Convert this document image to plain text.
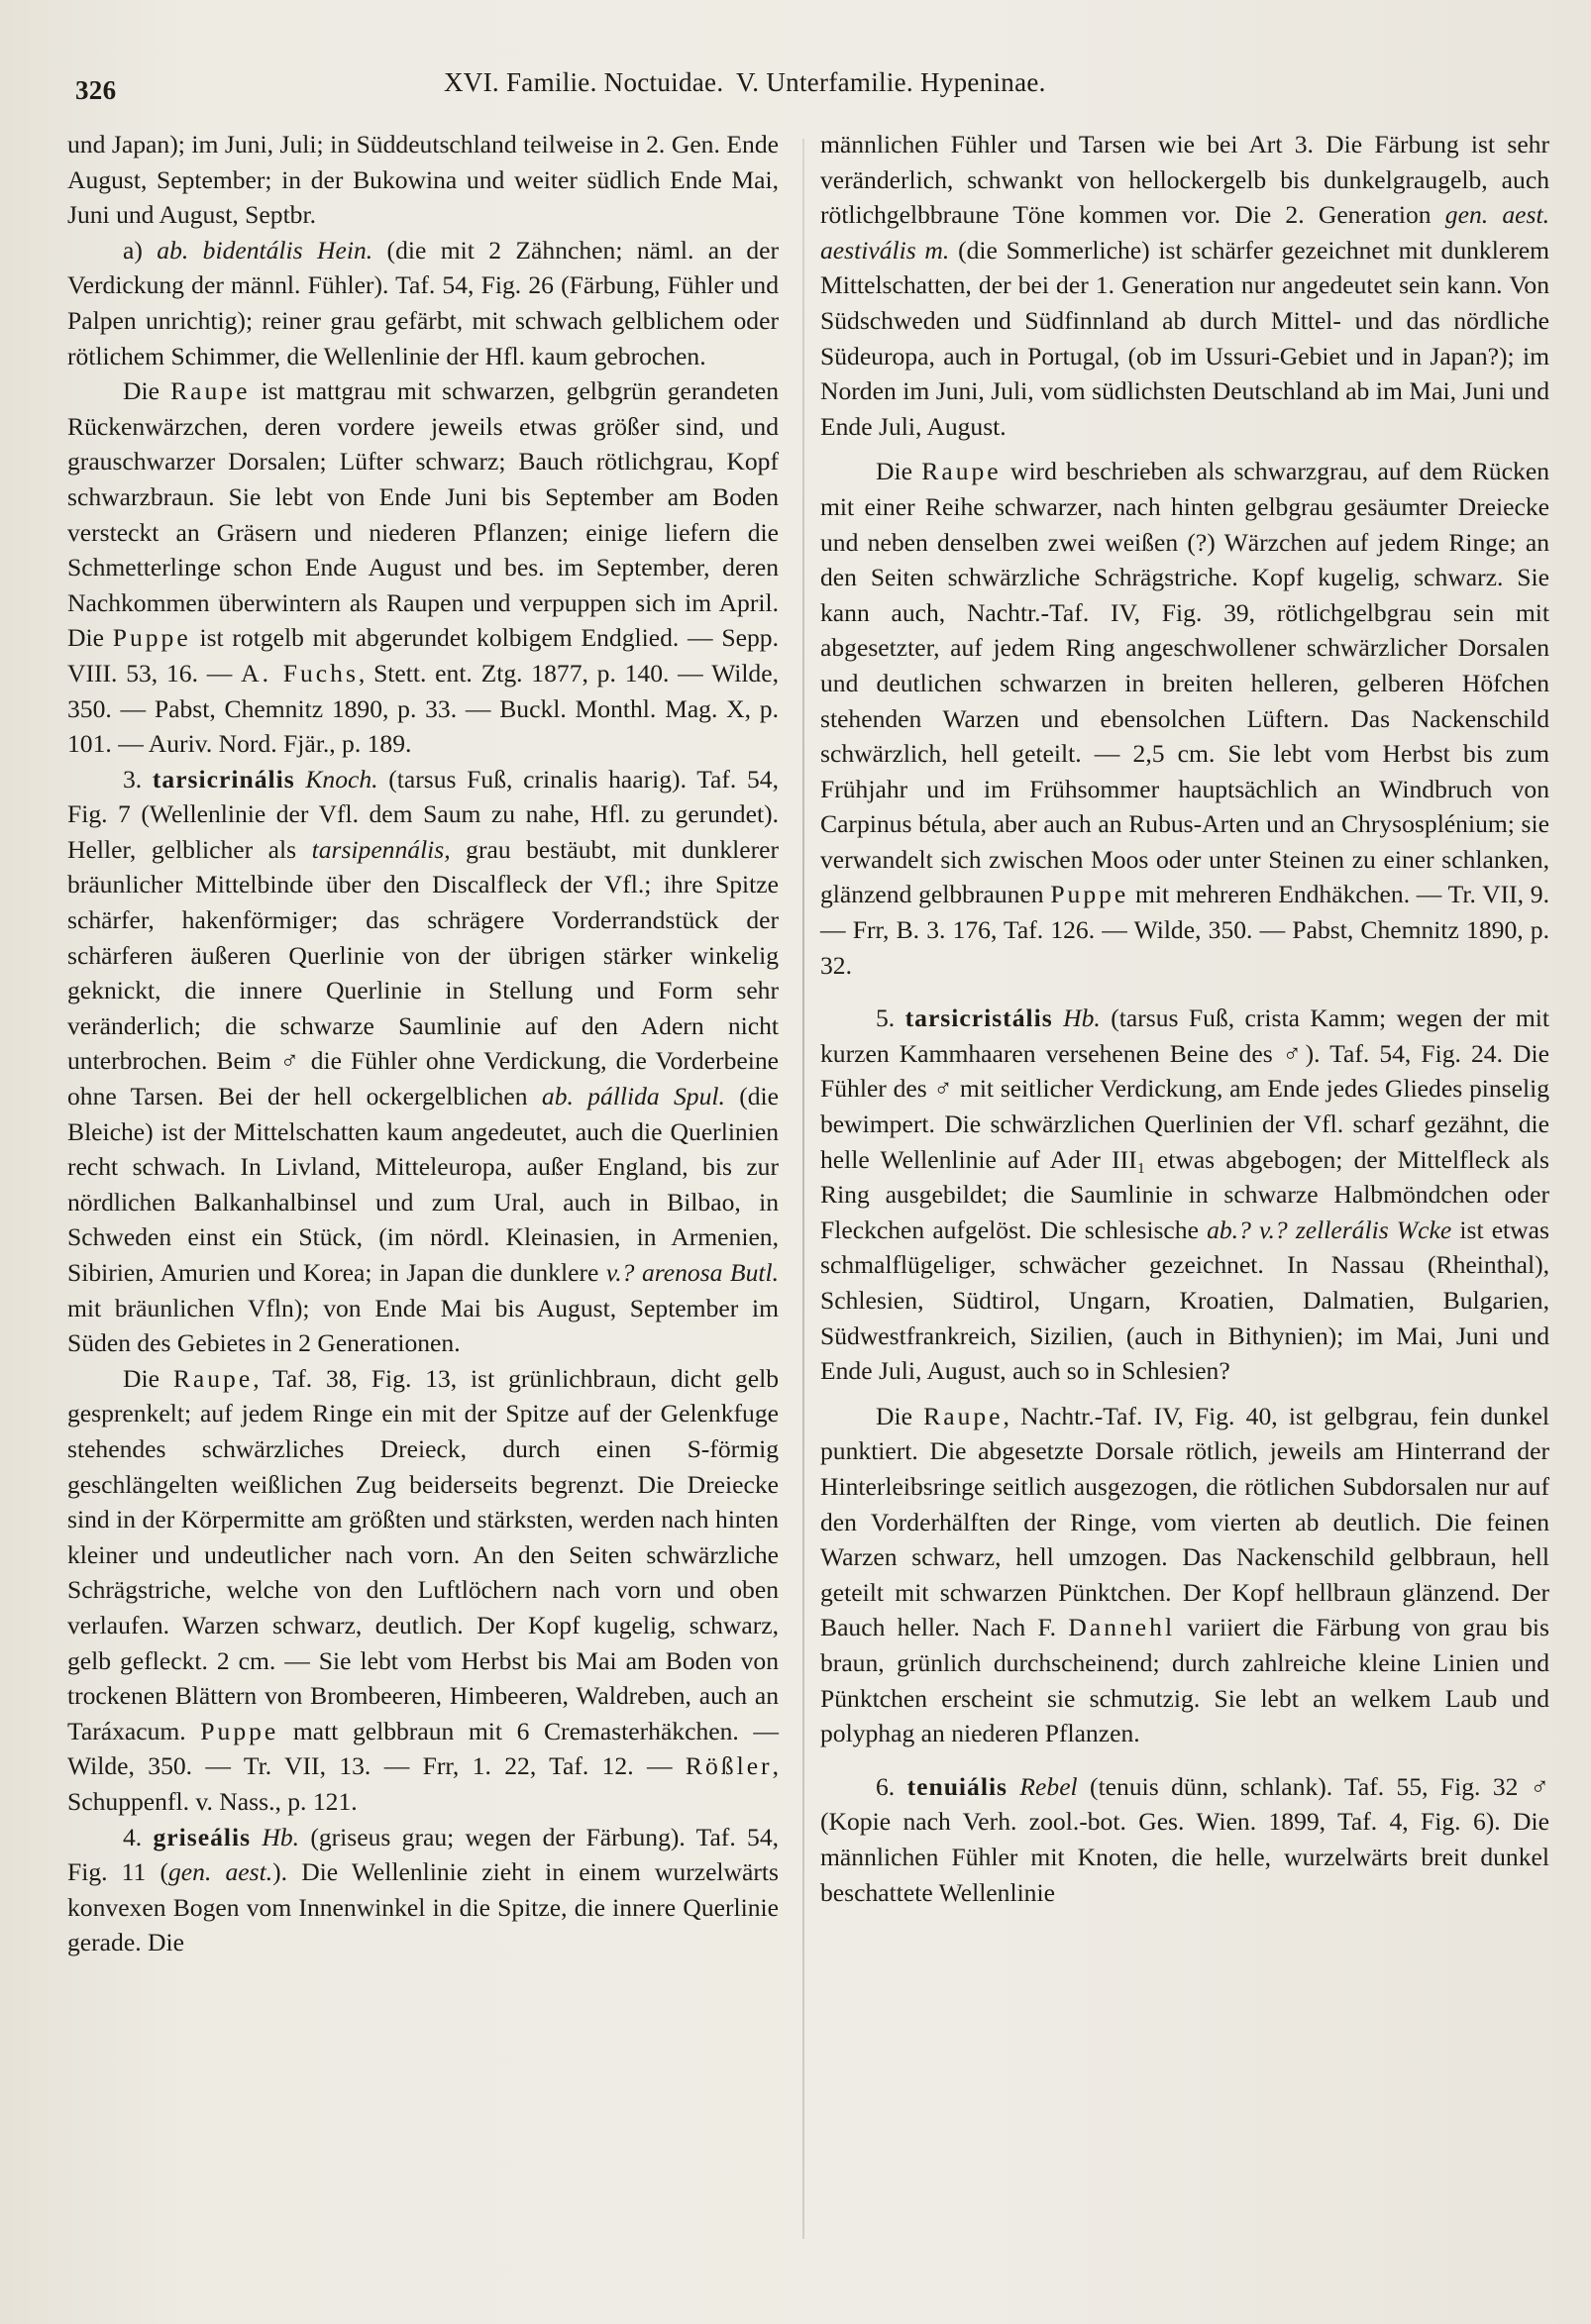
326	XVI. Familie. Noctuidae. V. Unterfamilie. Hypeninae.

und Japan); im Juni, Juli; in Süddeutschland teilweise in 2. Gen. Ende August, September; in der Bukowina und weiter südlich Ende Mai, Juni und August, Septbr.

a) ab. bidentális Hein. (die mit 2 Zähnchen; näml. an der Verdickung der männl. Fühler). Taf. 54, Fig. 26 (Färbung, Fühler und Palpen unrichtig); reiner grau gefärbt, mit schwach gelblichem oder rötlichem Schimmer, die Wellenlinie der Hfl. kaum gebrochen.

Die Raupe ist mattgrau mit schwarzen, gelbgrün gerandeten Rückenwärzchen, deren vordere jeweils etwas größer sind, und grauschwarzer Dorsalen; Lüfter schwarz; Bauch rötlichgrau, Kopf schwarzbraun. Sie lebt von Ende Juni bis September am Boden versteckt an Gräsern und niederen Pflanzen; einige liefern die Schmetterlinge schon Ende August und bes. im September, deren Nachkommen überwintern als Raupen und verpuppen sich im April. Die Puppe ist rotgelb mit abgerundet kolbigem Endglied. — Sepp. VIII. 53, 16. — A. Fuchs, Stett. ent. Ztg. 1877, p. 140. — Wilde, 350. — Pabst, Chemnitz 1890, p. 33. — Buckl. Monthl. Mag. X, p. 101. — Auriv. Nord. Fjär., p. 189.

3. tarsicrinális Knoch. (tarsus Fuß, crinalis haarig). Taf. 54, Fig. 7 (Wellenlinie der Vfl. dem Saum zu nahe, Hfl. zu gerundet). Heller, gelblicher als tarsipennális, grau bestäubt, mit dunklerer bräunlicher Mittelbinde über den Discalfleck der Vfl.; ihre Spitze schärfer, hakenförmiger; das schrägere Vorderrandstück der schärferen äußeren Querlinie von der übrigen stärker winkelig geknickt, die innere Querlinie in Stellung und Form sehr veränderlich; die schwarze Saumlinie auf den Adern nicht unterbrochen. Beim ♂ die Fühler ohne Verdickung, die Vorderbeine ohne Tarsen. Bei der hell ockergelblichen ab. pállida Spul. (die Bleiche) ist der Mittelschatten kaum angedeutet, auch die Querlinien recht schwach. In Livland, Mitteleuropa, außer England, bis zur nördlichen Balkanhalbinsel und zum Ural, auch in Bilbao, in Schweden einst ein Stück, (im nördl. Kleinasien, in Armenien, Sibirien, Amurien und Korea; in Japan die dunklere v.? arenosa Butl. mit bräunlichen Vfln); von Ende Mai bis August, September im Süden des Gebietes in 2 Generationen.

Die Raupe, Taf. 38, Fig. 13, ist grünlichbraun, dicht gelb gesprenkelt; auf jedem Ringe ein mit der Spitze auf der Gelenkfuge stehendes schwärzliches Dreieck, durch einen S-förmig geschlängelten weißlichen Zug beiderseits begrenzt. Die Dreiecke sind in der Körpermitte am größten und stärksten, werden nach hinten kleiner und undeutlicher nach vorn. An den Seiten schwärzliche Schrägstriche, welche von den Luftlöchern nach vorn und oben verlaufen. Warzen schwarz, deutlich. Der Kopf kugelig, schwarz, gelb gefleckt. 2 cm. — Sie lebt vom Herbst bis Mai am Boden von trockenen Blättern von Brombeeren, Himbeeren, Waldreben, auch an Taráxacum. Puppe matt gelbbraun mit 6 Cremasterhäkchen. — Wilde, 350. — Tr. VII, 13. — Frr, 1. 22, Taf. 12. — Rößler, Schuppenfl. v. Nass., p. 121.

4. griseális Hb. (griseus grau; wegen der Färbung). Taf. 54, Fig. 11 (gen. aest.). Die Wellenlinie zieht in einem wurzelwärts konvexen Bogen vom Innenwinkel in die Spitze, die innere Querlinie gerade. Die

männlichen Fühler und Tarsen wie bei Art 3. Die Färbung ist sehr veränderlich, schwankt von hellockergelb bis dunkelgraugelb, auch rötlichgelbbraune Töne kommen vor. Die 2. Generation gen. aest. aestivális m. (die Sommerliche) ist schärfer gezeichnet mit dunklerem Mittelschatten, der bei der 1. Generation nur angedeutet sein kann. Von Südschweden und Südfinnland ab durch Mittel- und das nördliche Südeuropa, auch in Portugal, (ob im Ussuri-Gebiet und in Japan?); im Norden im Juni, Juli, vom südlichsten Deutschland ab im Mai, Juni und Ende Juli, August.

Die Raupe wird beschrieben als schwarzgrau, auf dem Rücken mit einer Reihe schwarzer, nach hinten gelbgrau gesäumter Dreiecke und neben denselben zwei weißen (?) Wärzchen auf jedem Ringe; an den Seiten schwärzliche Schrägstriche. Kopf kugelig, schwarz. Sie kann auch, Nachtr.-Taf. IV, Fig. 39, rötlichgelbgrau sein mit abgesetzter, auf jedem Ring angeschwollener schwärzlicher Dorsalen und deutlichen schwarzen in breiten helleren, gelberen Höfchen stehenden Warzen und ebensolchen Lüftern. Das Nackenschild schwärzlich, hell geteilt. — 2,5 cm. Sie lebt vom Herbst bis zum Frühjahr und im Frühsommer hauptsächlich an Windbruch von Carpinus bétula, aber auch an Rubus-Arten und an Chrysosplénium; sie verwandelt sich zwischen Moos oder unter Steinen zu einer schlanken, glänzend gelbbraunen Puppe mit mehreren Endhäkchen. — Tr. VII, 9. — Frr, B. 3. 176, Taf. 126. — Wilde, 350. — Pabst, Chemnitz 1890, p. 32.

5. tarsicristális Hb. (tarsus Fuß, crista Kamm; wegen der mit kurzen Kammhaaren versehenen Beine des ♂). Taf. 54, Fig. 24. Die Fühler des ♂ mit seitlicher Verdickung, am Ende jedes Gliedes pinselig bewimpert. Die schwärzlichen Querlinien der Vfl. scharf gezähnt, die helle Wellenlinie auf Ader III₁ etwas abgebogen; der Mittelfleck als Ring ausgebildet; die Saumlinie in schwarze Halbmöndchen oder Fleckchen aufgelöst. Die schlesische ab.? v.? zellerális Wcke ist etwas schmalflügeliger, schwächer gezeichnet. In Nassau (Rheinthal), Schlesien, Südtirol, Ungarn, Kroatien, Dalmatien, Bulgarien, Südwestfrankreich, Sizilien, (auch in Bithynien); im Mai, Juni und Ende Juli, August, auch so in Schlesien?

Die Raupe, Nachtr.-Taf. IV, Fig. 40, ist gelbgrau, fein dunkel punktiert. Die abgesetzte Dorsale rötlich, jeweils am Hinterrand der Hinterleibsringe seitlich ausgezogen, die rötlichen Subdorsalen nur auf den Vorderhälften der Ringe, vom vierten ab deutlich. Die feinen Warzen schwarz, hell umzogen. Das Nackenschild gelbbraun, hell geteilt mit schwarzen Pünktchen. Der Kopf hellbraun glänzend. Der Bauch heller. Nach F. Dannehl variiert die Färbung von grau bis braun, grünlich durchscheinend; durch zahlreiche kleine Linien und Pünktchen erscheint sie schmutzig. Sie lebt an welkem Laub und polyphag an niederen Pflanzen.

6. tenuiális Rebel (tenuis dünn, schlank). Taf. 55, Fig. 32 ♂ (Kopie nach Verh. zool.-bot. Ges. Wien. 1899, Taf. 4, Fig. 6). Die männlichen Fühler mit Knoten, die helle, wurzelwärts breit dunkel beschattete Wellenlinie
